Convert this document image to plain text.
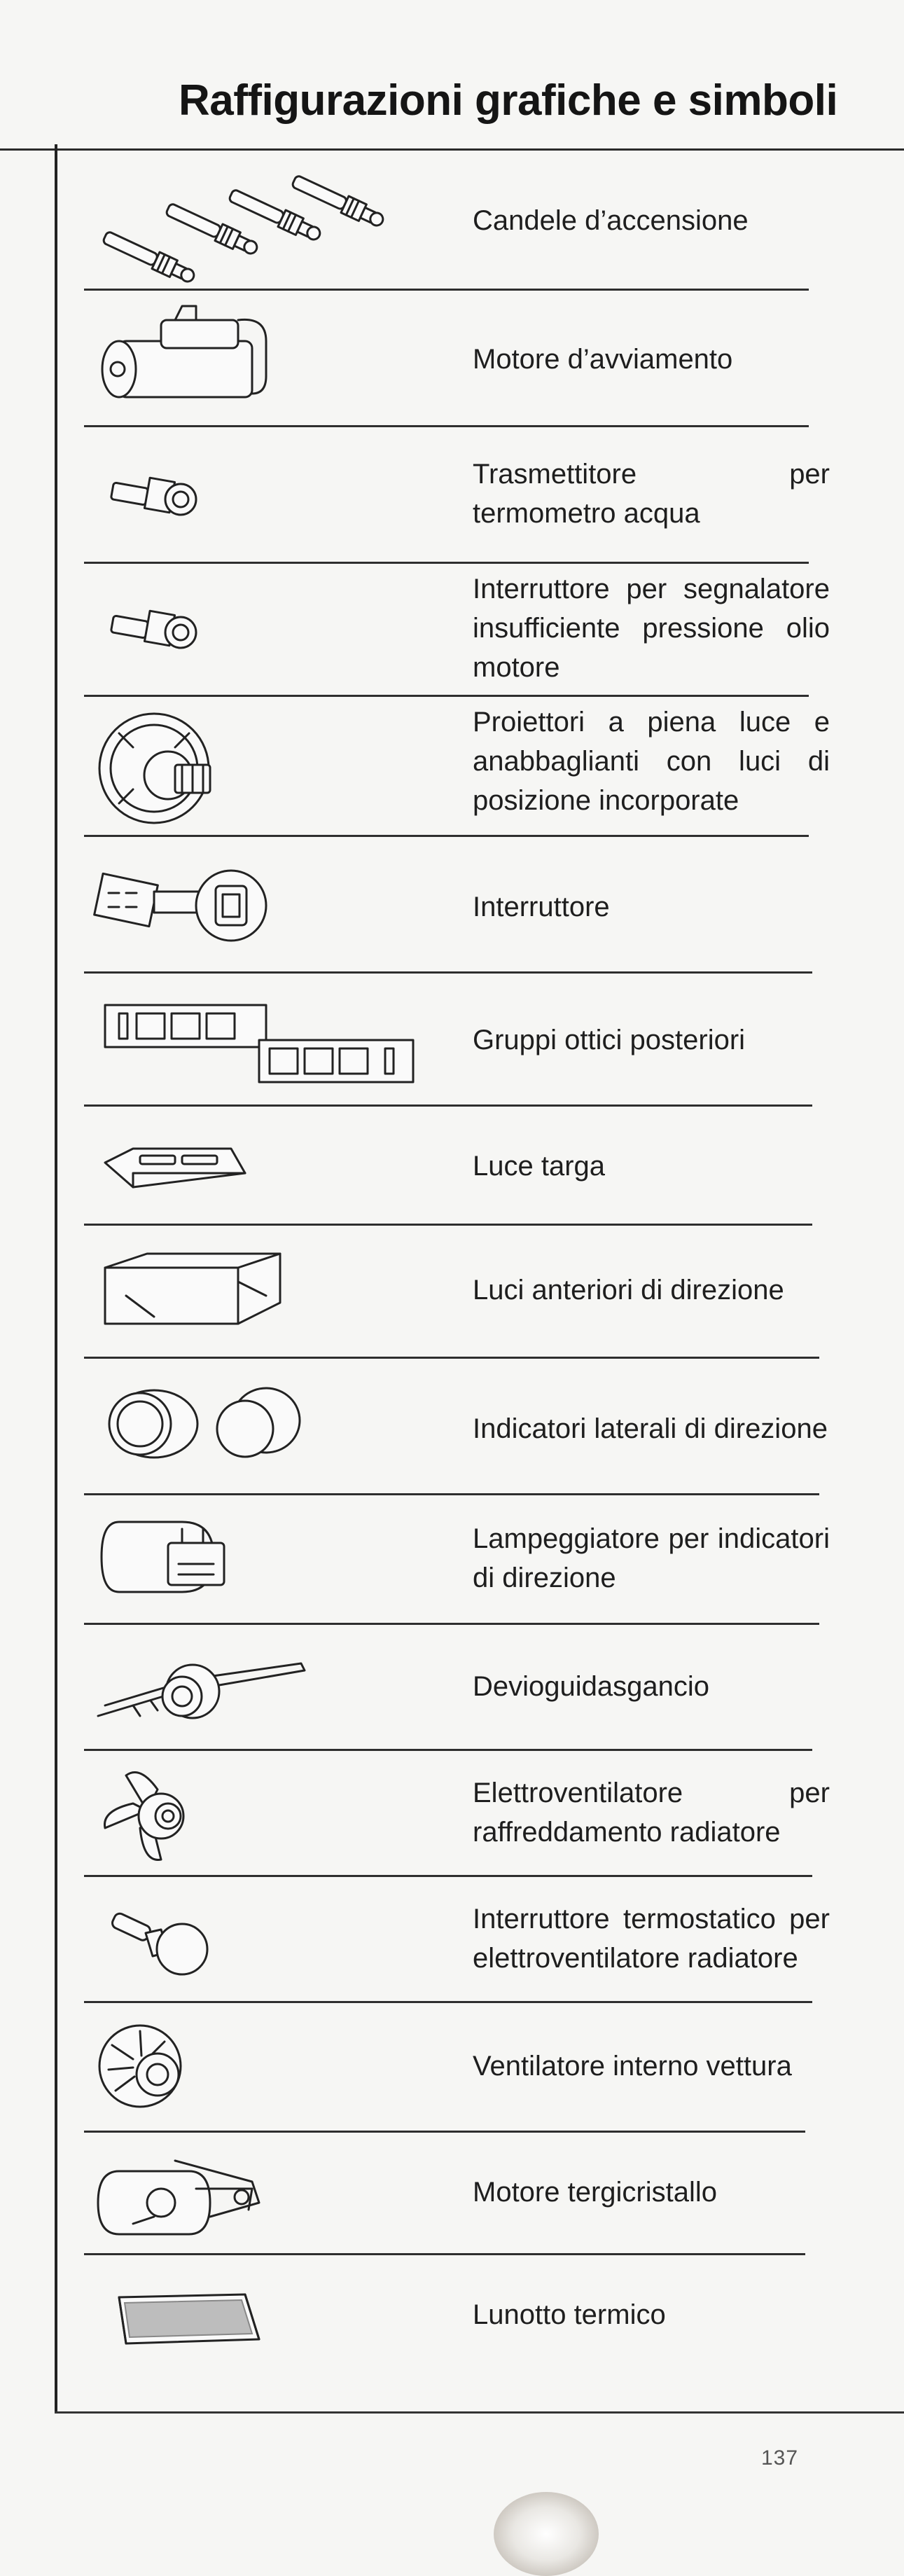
Raffigurazioni grafiche e simboli
Candele d’accensione
Motore d’avviamento
Trasmettitore per termometro acqua
Interruttore per segnalatore insufficiente pressione olio motore
Proiettori a piena luce e anabbaglianti con luci di posizione incorporate
Interruttore
Gruppi ottici posteriori
Luce targa
Luci anteriori di direzione
Indicatori laterali di direzione
Lampeggiatore per indicatori di direzione
Devioguidasgancio
Elettroventilatore per raffreddamento radiatore
Interruttore termostatico per elettroventilatore radiatore
Ventilatore interno vettura
Motore tergicristallo
Lunotto termico
137
